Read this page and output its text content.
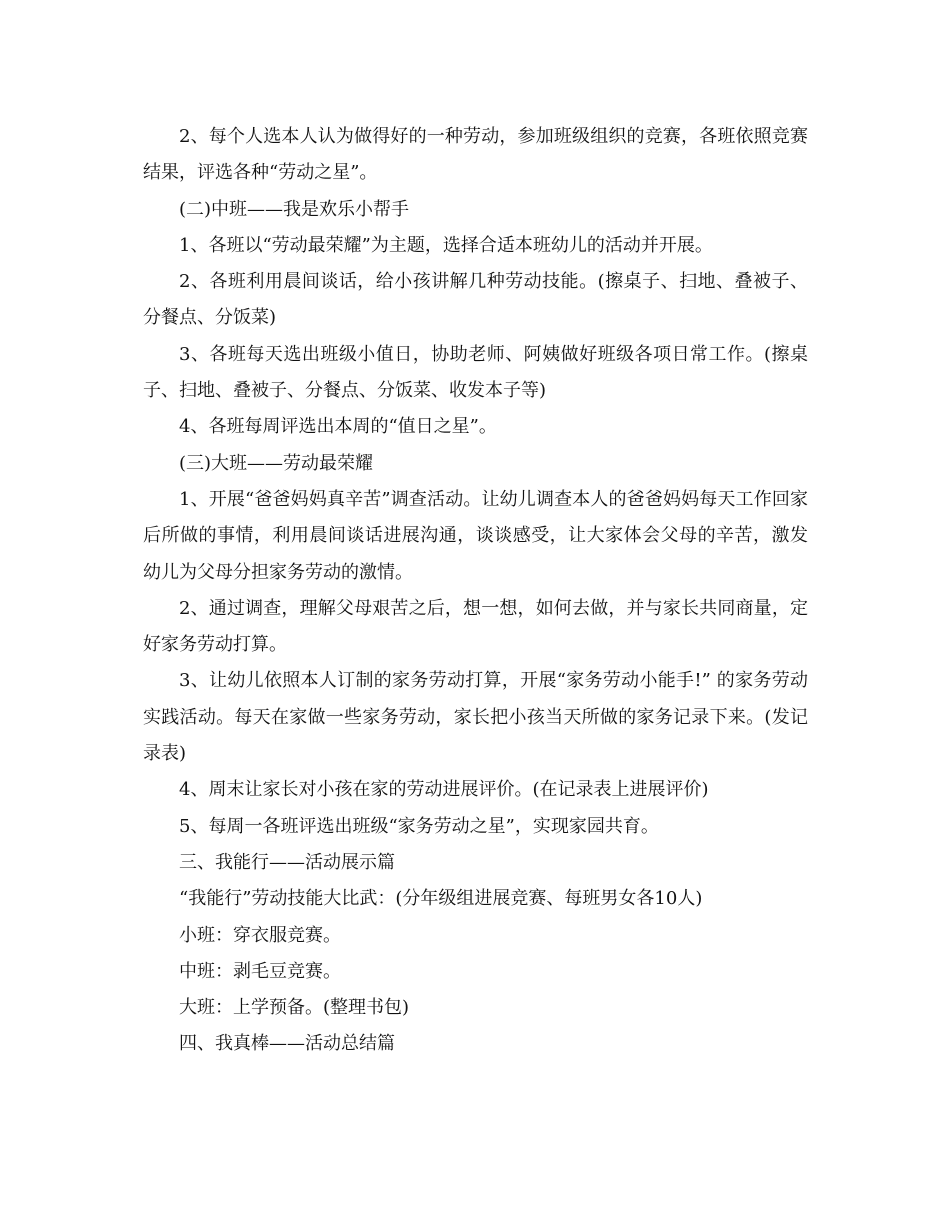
2、每个人选本人认为做得好的一种劳动，参加班级组织的竞赛，各班依照竞赛结果，评选各种“劳动之星”。

(二)中班——我是欢乐小帮手

1、各班以“劳动最荣耀”为主题，选择合适本班幼儿的活动并开展。

2、各班利用晨间谈话，给小孩讲解几种劳动技能。(擦桌子、扫地、叠被子、分餐点、分饭菜)

3、各班每天选出班级小值日，协助老师、阿姨做好班级各项日常工作。(擦桌子、扫地、叠被子、分餐点、分饭菜、收发本子等)

4、各班每周评选出本周的“值日之星”。

(三)大班——劳动最荣耀

1、开展“爸爸妈妈真辛苦”调查活动。让幼儿调查本人的爸爸妈妈每天工作回家后所做的事情，利用晨间谈话进展沟通，谈谈感受，让大家体会父母的辛苦，激发幼儿为父母分担家务劳动的激情。

2、通过调查，理解父母艰苦之后，想一想，如何去做，并与家长共同商量，定好家务劳动打算。

3、让幼儿依照本人订制的家务劳动打算，开展“家务劳动小能手!” 的家务劳动实践活动。每天在家做一些家务劳动，家长把小孩当天所做的家务记录下来。(发记录表)

4、周末让家长对小孩在家的劳动进展评价。(在记录表上进展评价)

5、每周一各班评选出班级“家务劳动之星”，实现家园共育。

三、我能行——活动展示篇

“我能行”劳动技能大比武：(分年级组进展竞赛、每班男女各10人)

小班：穿衣服竞赛。

中班：剥毛豆竞赛。

大班：上学预备。(整理书包)

四、我真棒——活动总结篇
